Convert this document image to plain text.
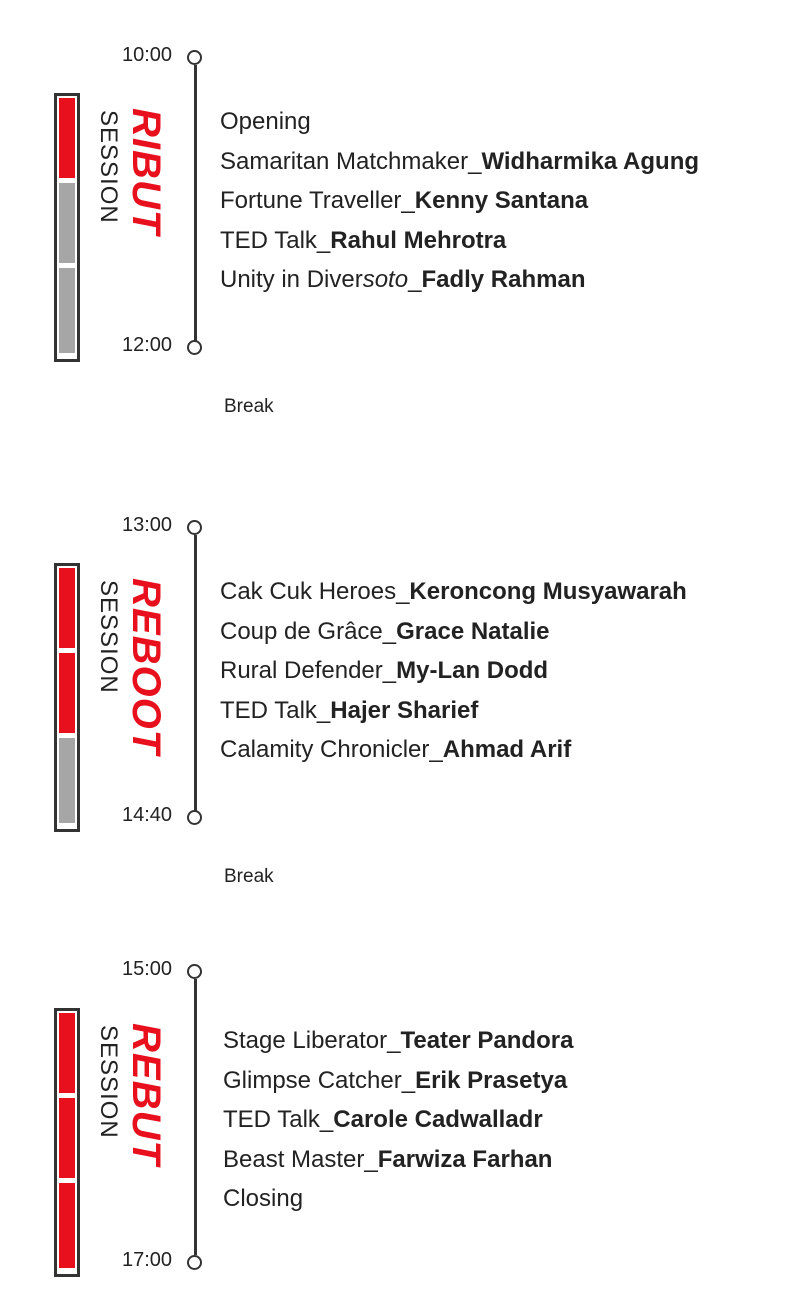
SESSION RIBUT
10:00
12:00
Opening
Samaritan Matchmaker_Widharmika Agung
Fortune Traveller_Kenny Santana
TED Talk_Rahul Mehrotra
Unity in Diversoto_Fadly Rahman
Break
SESSION REBOOT
13:00
14:40
Cak Cuk Heroes_Keroncong Musyawarah
Coup de Grâce_Grace Natalie
Rural Defender_My-Lan Dodd
TED Talk_Hajer Sharief
Calamity Chronicler_Ahmad Arif
Break
SESSION REBUT
15:00
17:00
Stage Liberator_Teater Pandora
Glimpse Catcher_Erik Prasetya
TED Talk_Carole Cadwalladr
Beast Master_Farwiza Farhan
Closing
